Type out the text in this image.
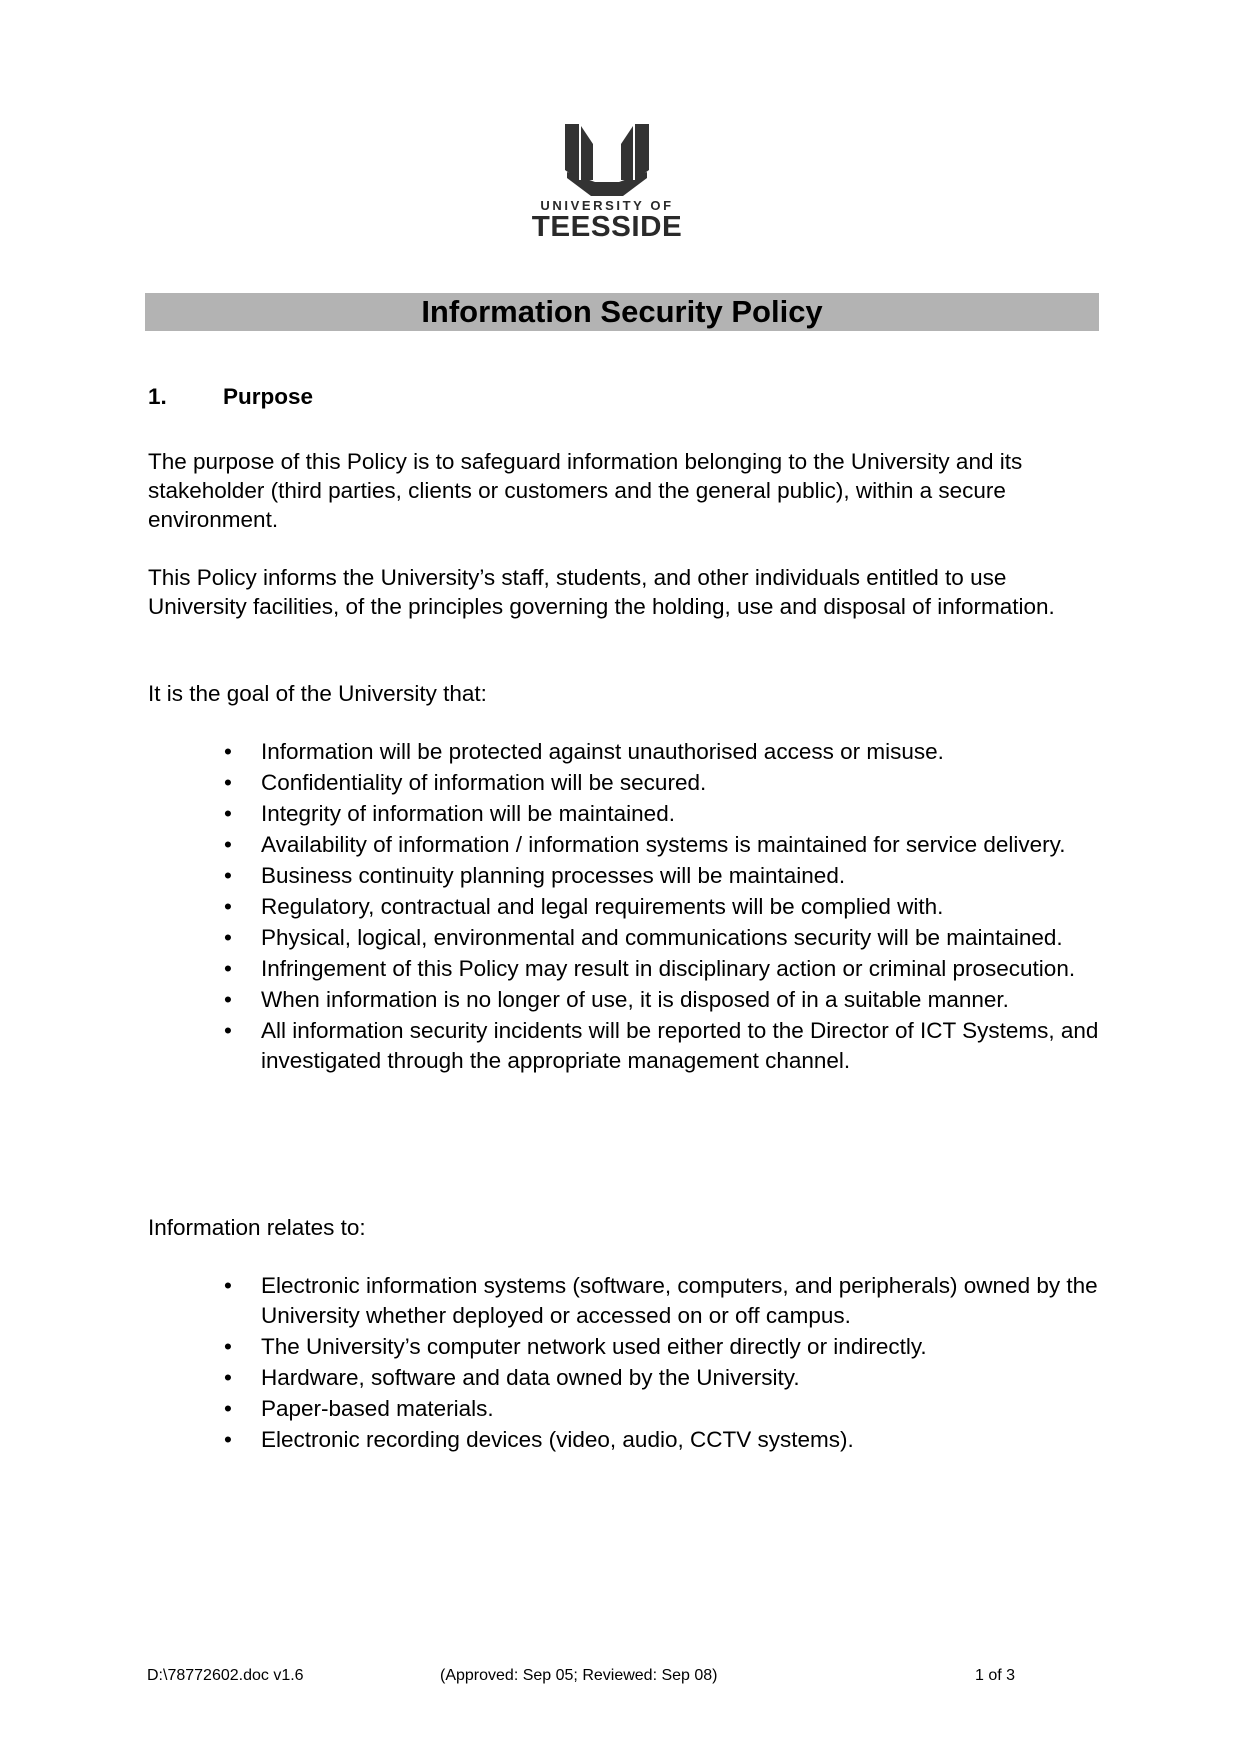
UNIVERSITY OF
TEESSIDE
Information Security Policy
1. Purpose
The purpose of this Policy is to safeguard information belonging to the University and its stakeholder (third parties, clients or customers and the general public), within a secure environment.
This Policy informs the University’s staff, students, and other individuals entitled to use University facilities, of the principles governing the holding, use and disposal of information.
It is the goal of the University that:
• Information will be protected against unauthorised access or misuse.
• Confidentiality of information will be secured.
• Integrity of information will be maintained.
• Availability of information / information systems is maintained for service delivery.
• Business continuity planning processes will be maintained.
• Regulatory, contractual and legal requirements will be complied with.
• Physical, logical, environmental and communications security will be maintained.
• Infringement of this Policy may result in disciplinary action or criminal prosecution.
• When information is no longer of use, it is disposed of in a suitable manner.
• All information security incidents will be reported to the Director of ICT Systems, and investigated through the appropriate management channel.
Information relates to:
• Electronic information systems (software, computers, and peripherals) owned by the University whether deployed or accessed on or off campus.
• The University’s computer network used either directly or indirectly.
• Hardware, software and data owned by the University.
• Paper-based materials.
• Electronic recording devices (video, audio, CCTV systems).
D:\78772602.doc v1.6	(Approved: Sep 05; Reviewed: Sep 08)	1 of 3
